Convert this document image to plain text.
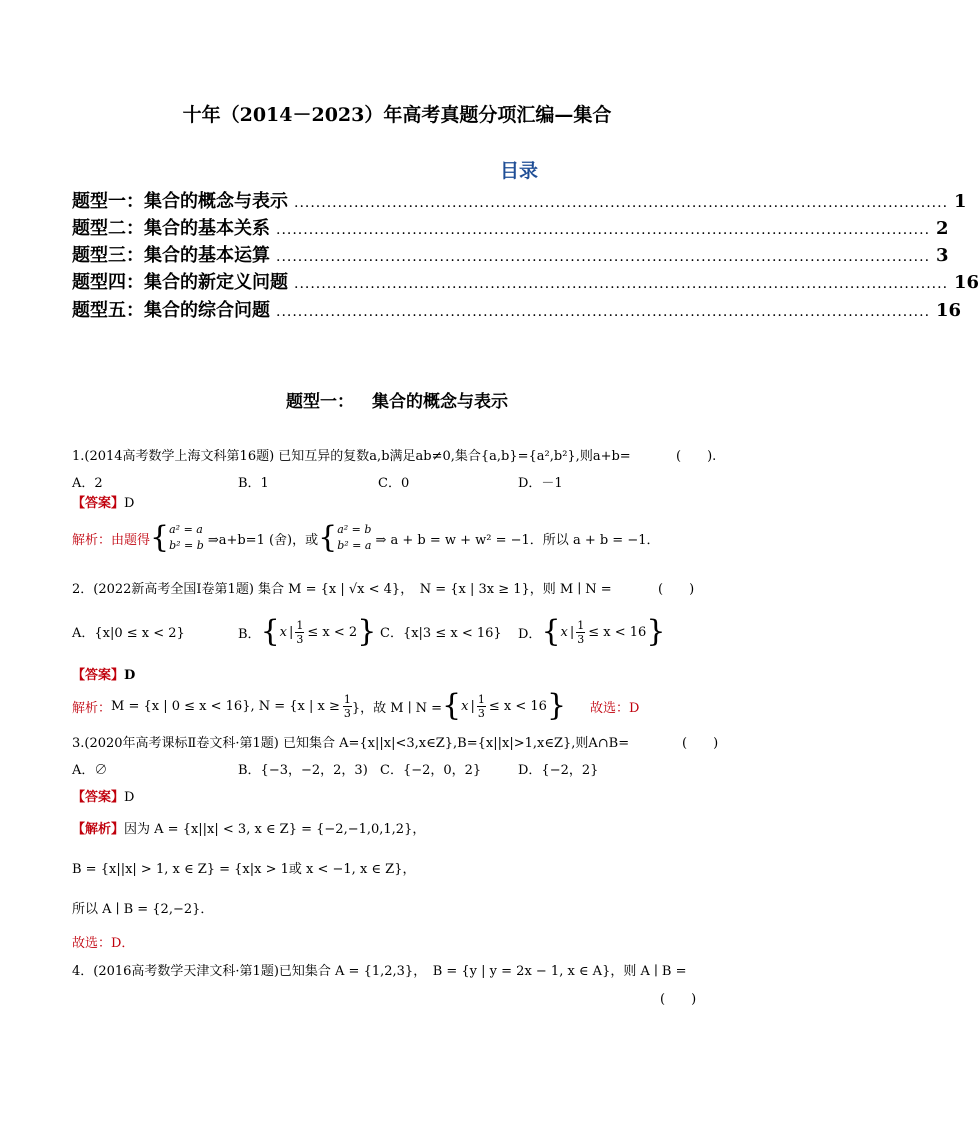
十年（2014－2023）年高考真题分项汇编—集合
目录
题型一： 集合的概念与表示 ........................................................................................................................ 1
题型二： 集合的基本关系 ........................................................................................................................ 2
题型三： 集合的基本运算 ........................................................................................................................ 3
题型四： 集合的新定义问题 ........................................................................................................................ 16
题型五： 集合的综合问题 ........................................................................................................................ 16
题型一： 集合的概念与表示
1.(2014高考数学上海文科第16题) 已知互异的复数a,b满足ab≠0,集合{a,b}={a²,b²},则a+b=	(　　).
A．2	B．1	C．0	D．－1
【答案】D
解析：由题得 { a² = a
b² = b ⇒a+b=1 (舍)，或 { a² = b
b² = a ⇒ a + b = w + w² = −1．所以 a + b = −1．
2．(2022新高考全国I卷第1题) 集合 M = {x | √x < 4}，　N = {x | 3x ≥ 1}，则 M ∣ N =	(　　)
A．{x|0 ≤ x < 2}	B． { x | $\frac{1}{3} \le x < 2$ } C．{x|3 ≤ x < 16} D． { x | $\frac{1}{3} \le x < 16$ }
【答案】D
解析： M = {x | 0 ≤ x < 16}, N = {x | $x \ge \frac{1}{3}$ }，故 M ∣ N = { x | $\frac{1}{3} \le x < 16$ } 故选：D
3.(2020年高考课标Ⅱ卷文科·第1题) 已知集合 A={x||x|<3,x∈Z},B={x||x|>1,x∈Z},则A∩B=	(　　)
A．∅	B．{−3，−2，2，3) C．{−2，0，2}	D．{−2，2}
【答案】D
【解析】因为 A = {x||x| < 3, x ∈ Z} = {−2,−1,0,1,2}，
B = {x||x| > 1, x ∈ Z} = {x|x > 1或 x < −1, x ∈ Z}，
所以 A ∣ B = {2,−2}．
故选：D．
4．(2016高考数学天津文科·第1题)已知集合 A = {1,2,3}，　B = {y | y = 2x − 1, x ∈ A}，则 A ∣ B =
(　　)
